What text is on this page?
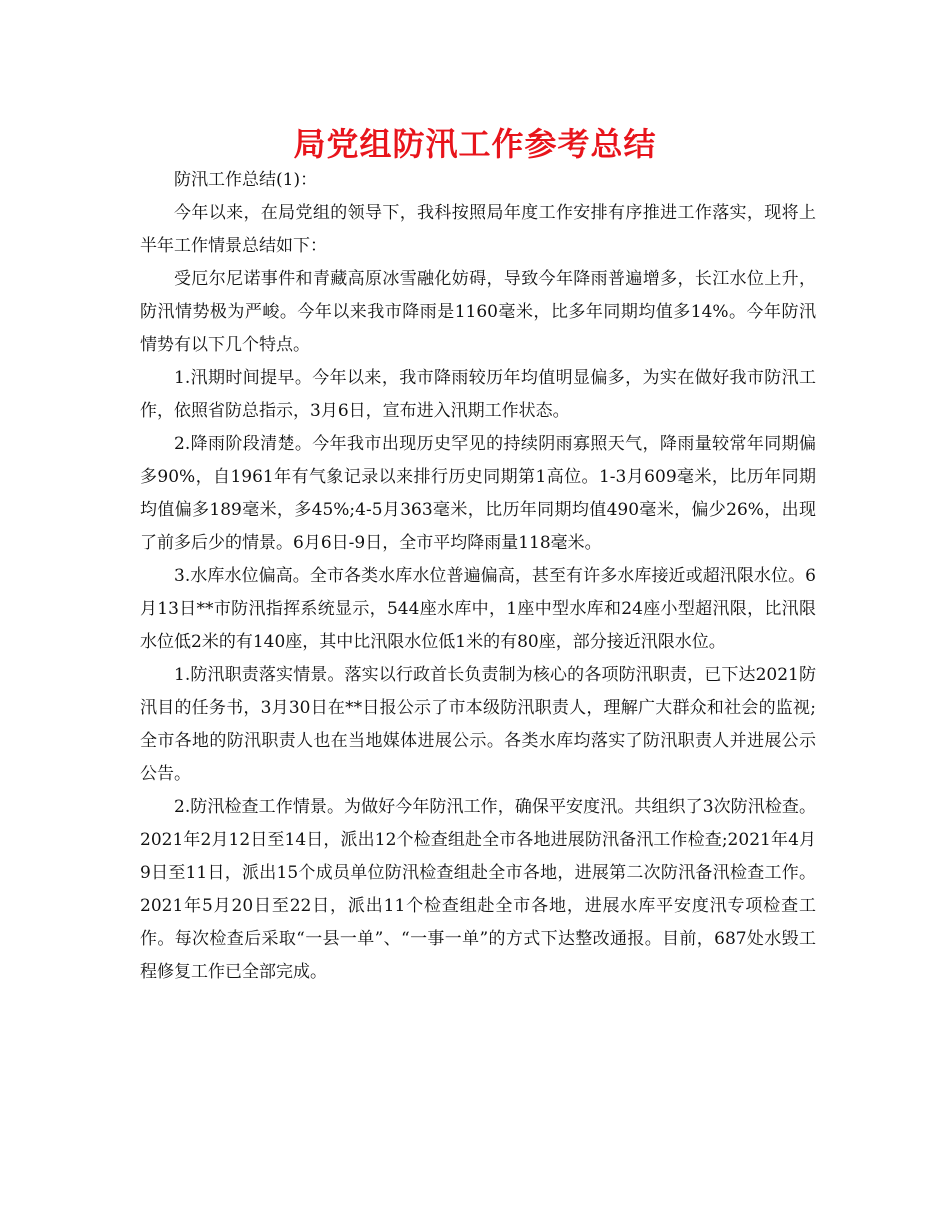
局党组防汛工作参考总结

防汛工作总结(1)：

今年以来，在局党组的领导下，我科按照局年度工作安排有序推进工作落实，现将上半年工作情景总结如下：

受厄尔尼诺事件和青藏高原冰雪融化妨碍，导致今年降雨普遍增多，长江水位上升，防汛情势极为严峻。今年以来我市降雨是1160毫米，比多年同期均值多14%。今年防汛情势有以下几个特点。

1.汛期时间提早。今年以来，我市降雨较历年均值明显偏多，为实在做好我市防汛工作，依照省防总指示，3月6日，宣布进入汛期工作状态。

2.降雨阶段清楚。今年我市出现历史罕见的持续阴雨寡照天气，降雨量较常年同期偏多90%，自1961年有气象记录以来排行历史同期第1高位。1-3月609毫米，比历年同期均值偏多189毫米，多45%;4-5月363毫米，比历年同期均值490毫米，偏少26%，出现了前多后少的情景。6月6日-9日，全市平均降雨量118毫米。

3.水库水位偏高。全市各类水库水位普遍偏高，甚至有许多水库接近或超汛限水位。6月13日**市防汛指挥系统显示，544座水库中，1座中型水库和24座小型超汛限，比汛限水位低2米的有140座，其中比汛限水位低1米的有80座，部分接近汛限水位。

1.防汛职责落实情景。落实以行政首长负责制为核心的各项防汛职责，已下达2021防汛目的任务书，3月30日在**日报公示了市本级防汛职责人，理解广大群众和社会的监视;全市各地的防汛职责人也在当地媒体进展公示。各类水库均落实了防汛职责人并进展公示公告。

2.防汛检查工作情景。为做好今年防汛工作，确保平安度汛。共组织了3次防汛检查。2021年2月12日至14日，派出12个检查组赴全市各地进展防汛备汛工作检查;2021年4月9日至11日，派出15个成员单位防汛检查组赴全市各地，进展第二次防汛备汛检查工作。2021年5月20日至22日，派出11个检查组赴全市各地，进展水库平安度汛专项检查工作。每次检查后采取“一县一单”、“一事一单”的方式下达整改通报。目前，687处水毁工程修复工作已全部完成。
